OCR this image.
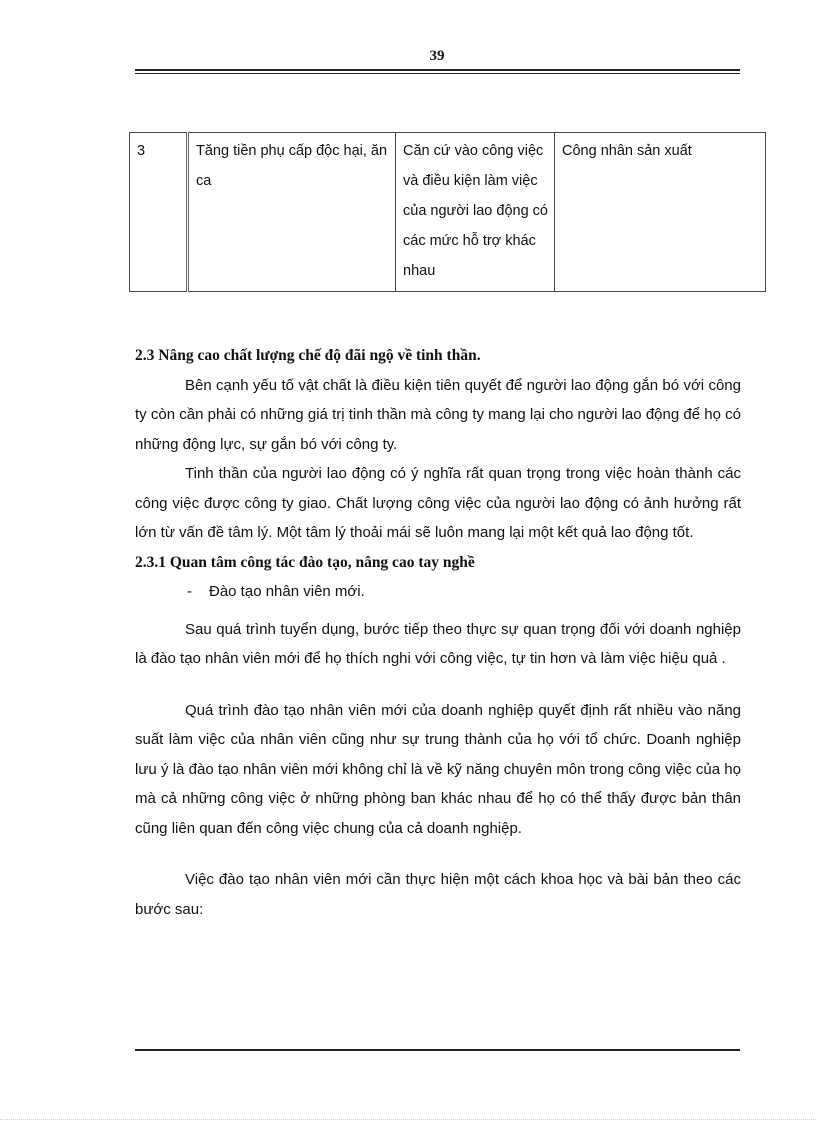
39
3	Tăng tiền phụ cấp độc hại, ăn ca	Căn cứ vào công việc và điều kiện làm việc của người lao động có các mức hỗ trợ khác nhau	Công nhân sản xuất

2.3 Nâng cao chất lượng chế độ đãi ngộ về tinh thần.

Bên cạnh yếu tố vật chất là điều kiện tiên quyết để người lao động gắn bó với công ty còn cần phải có những giá trị tinh thần mà công ty mang lại cho người lao động để họ có những động lực, sự gắn bó với công ty.

Tinh thần của người lao động có ý nghĩa rất quan trọng trong việc hoàn thành các công việc được công ty giao. Chất lượng công việc của người lao động có ảnh hưởng rất lớn từ vấn đề tâm lý. Một tâm lý thoải mái sẽ luôn mang lại một kết quả lao động tốt.

2.3.1 Quan tâm công tác đào tạo, nâng cao tay nghề

- Đào tạo nhân viên mới.

Sau quá trình tuyển dụng, bước tiếp theo thực sự quan trọng đối với doanh nghiệp là đào tạo nhân viên mới để họ thích nghi với công việc, tự tin hơn và làm việc hiệu quả .

Quá trình đào tạo nhân viên mới của doanh nghiệp quyết định rất nhiều vào năng suất làm việc của nhân viên cũng như sự trung thành của họ với tổ chức. Doanh nghiệp lưu ý là đào tạo nhân viên mới không chỉ là về kỹ năng chuyên môn trong công việc của họ mà cả những công việc ở những phòng ban khác nhau để họ có thể thấy được bản thân cũng liên quan đến công việc chung của cả doanh nghiệp.

Việc đào tạo nhân viên mới cần thực hiện một cách khoa học và bài bản theo các bước sau:
